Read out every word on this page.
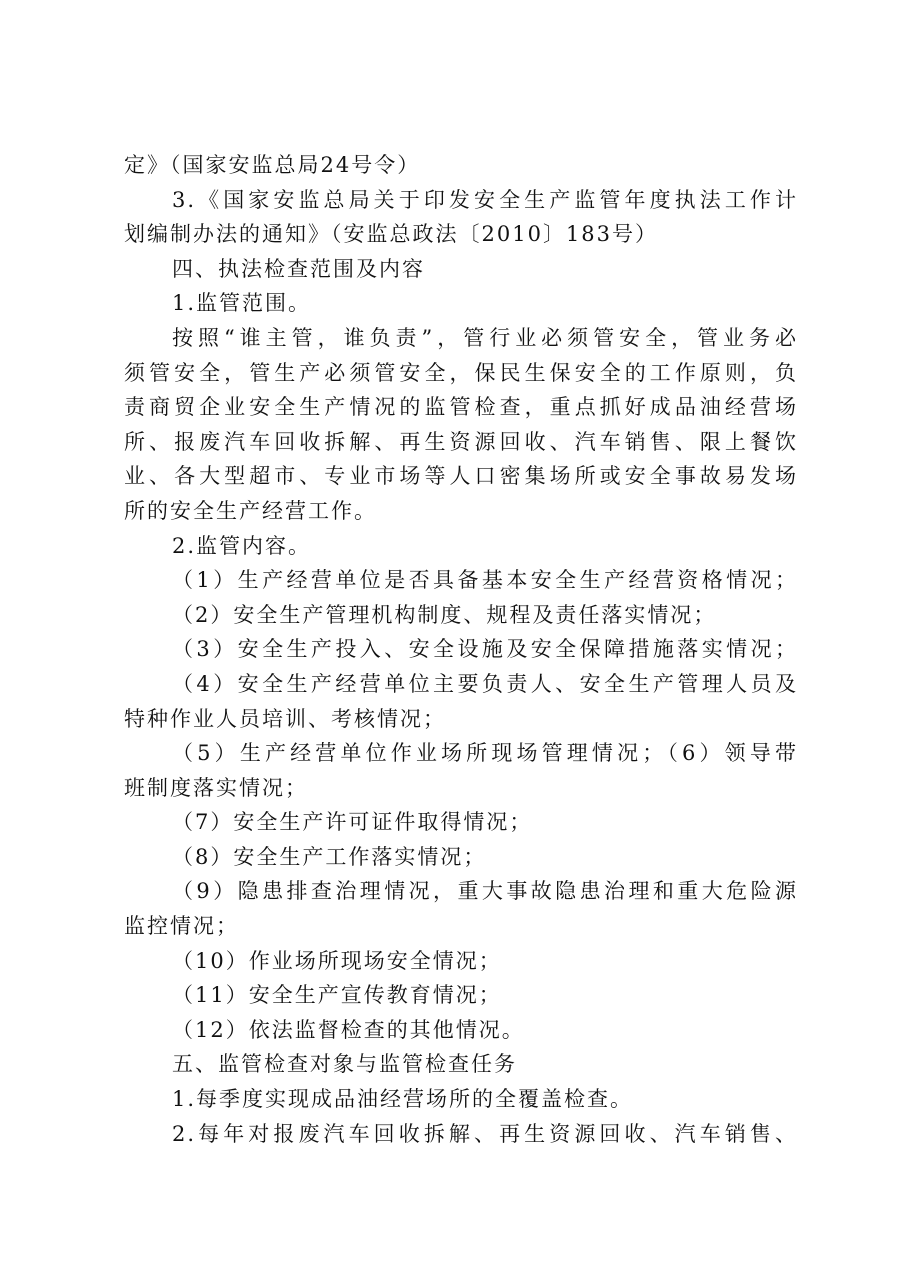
定》（国家安监总局24号令）
3.《国家安监总局关于印发安全生产监管年度执法工作计
划编制办法的通知》（安监总政法〔2010〕183号）
四、执法检查范围及内容
1.监管范围。
按照“谁主管，谁负责”，管行业必须管安全，管业务必
须管安全，管生产必须管安全，保民生保安全的工作原则，负
责商贸企业安全生产情况的监管检查，重点抓好成品油经营场
所、报废汽车回收拆解、再生资源回收、汽车销售、限上餐饮
业、各大型超市、专业市场等人口密集场所或安全事故易发场
所的安全生产经营工作。
2.监管内容。
（1）生产经营单位是否具备基本安全生产经营资格情况；
（2）安全生产管理机构制度、规程及责任落实情况；
（3）安全生产投入、安全设施及安全保障措施落实情况；
（4）安全生产经营单位主要负责人、安全生产管理人员及
特种作业人员培训、考核情况；
（5）生产经营单位作业场所现场管理情况；（6）领导带
班制度落实情况；
（7）安全生产许可证件取得情况；
（8）安全生产工作落实情况；
（9）隐患排查治理情况，重大事故隐患治理和重大危险源
监控情况；
（10）作业场所现场安全情况；
（11）安全生产宣传教育情况；
（12）依法监督检查的其他情况。
五、监管检查对象与监管检查任务
1.每季度实现成品油经营场所的全覆盖检查。
2.每年对报废汽车回收拆解、再生资源回收、汽车销售、
